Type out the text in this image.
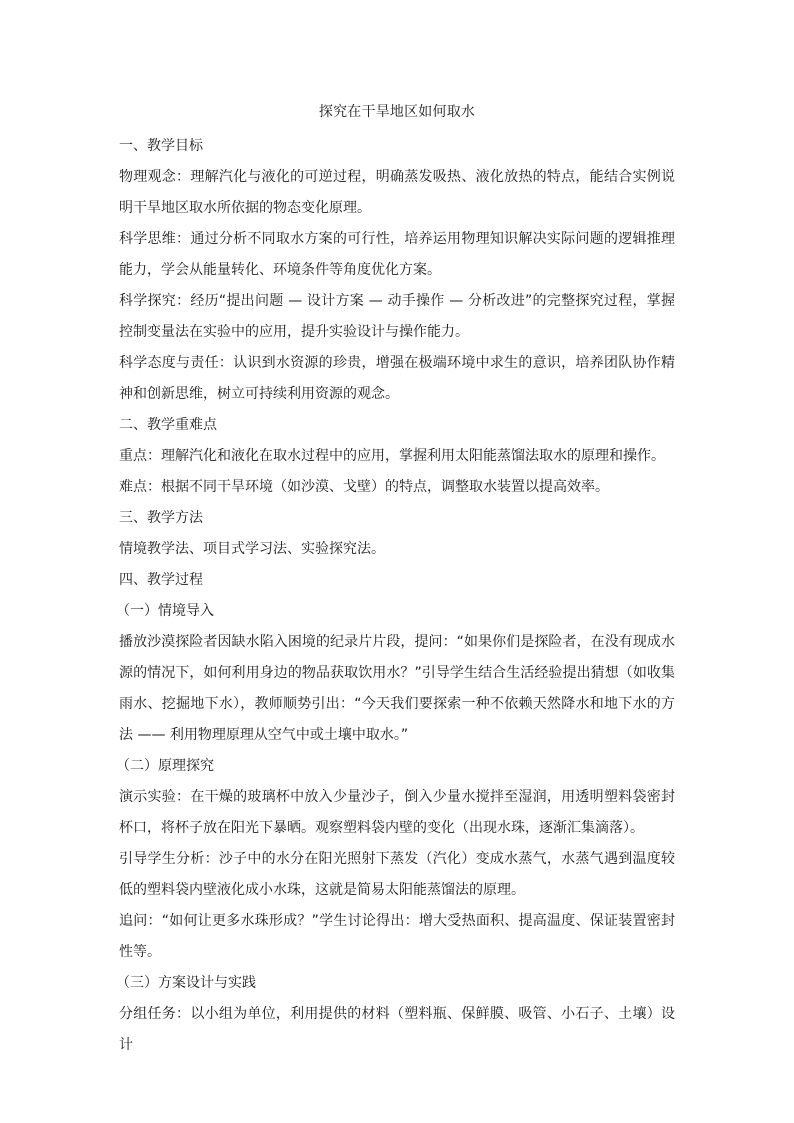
探究在干旱地区如何取水

一、教学目标

物理观念：理解汽化与液化的可逆过程，明确蒸发吸热、液化放热的特点，能结合实例说明干旱地区取水所依据的物态变化原理。

科学思维：通过分析不同取水方案的可行性，培养运用物理知识解决实际问题的逻辑推理能力，学会从能量转化、环境条件等角度优化方案。

科学探究：经历“提出问题 — 设计方案 — 动手操作 — 分析改进”的完整探究过程，掌握控制变量法在实验中的应用，提升实验设计与操作能力。

科学态度与责任：认识到水资源的珍贵，增强在极端环境中求生的意识，培养团队协作精神和创新思维，树立可持续利用资源的观念。

二、教学重难点

重点：理解汽化和液化在取水过程中的应用，掌握利用太阳能蒸馏法取水的原理和操作。

难点：根据不同干旱环境（如沙漠、戈壁）的特点，调整取水装置以提高效率。

三、教学方法

情境教学法、项目式学习法、实验探究法。

四、教学过程

（一）情境导入

播放沙漠探险者因缺水陷入困境的纪录片片段，提问：“如果你们是探险者，在没有现成水源的情况下，如何利用身边的物品获取饮用水？”引导学生结合生活经验提出猜想（如收集雨水、挖掘地下水），教师顺势引出：“今天我们要探索一种不依赖天然降水和地下水的方法 —— 利用物理原理从空气中或土壤中取水。”

（二）原理探究

演示实验：在干燥的玻璃杯中放入少量沙子，倒入少量水搅拌至湿润，用透明塑料袋密封杯口，将杯子放在阳光下暴晒。观察塑料袋内壁的变化（出现水珠，逐渐汇集滴落）。

引导学生分析：沙子中的水分在阳光照射下蒸发（汽化）变成水蒸气，水蒸气遇到温度较低的塑料袋内壁液化成小水珠，这就是简易太阳能蒸馏法的原理。

追问：“如何让更多水珠形成？”学生讨论得出：增大受热面积、提高温度、保证装置密封性等。

（三）方案设计与实践

分组任务：以小组为单位，利用提供的材料（塑料瓶、保鲜膜、吸管、小石子、土壤）设计
